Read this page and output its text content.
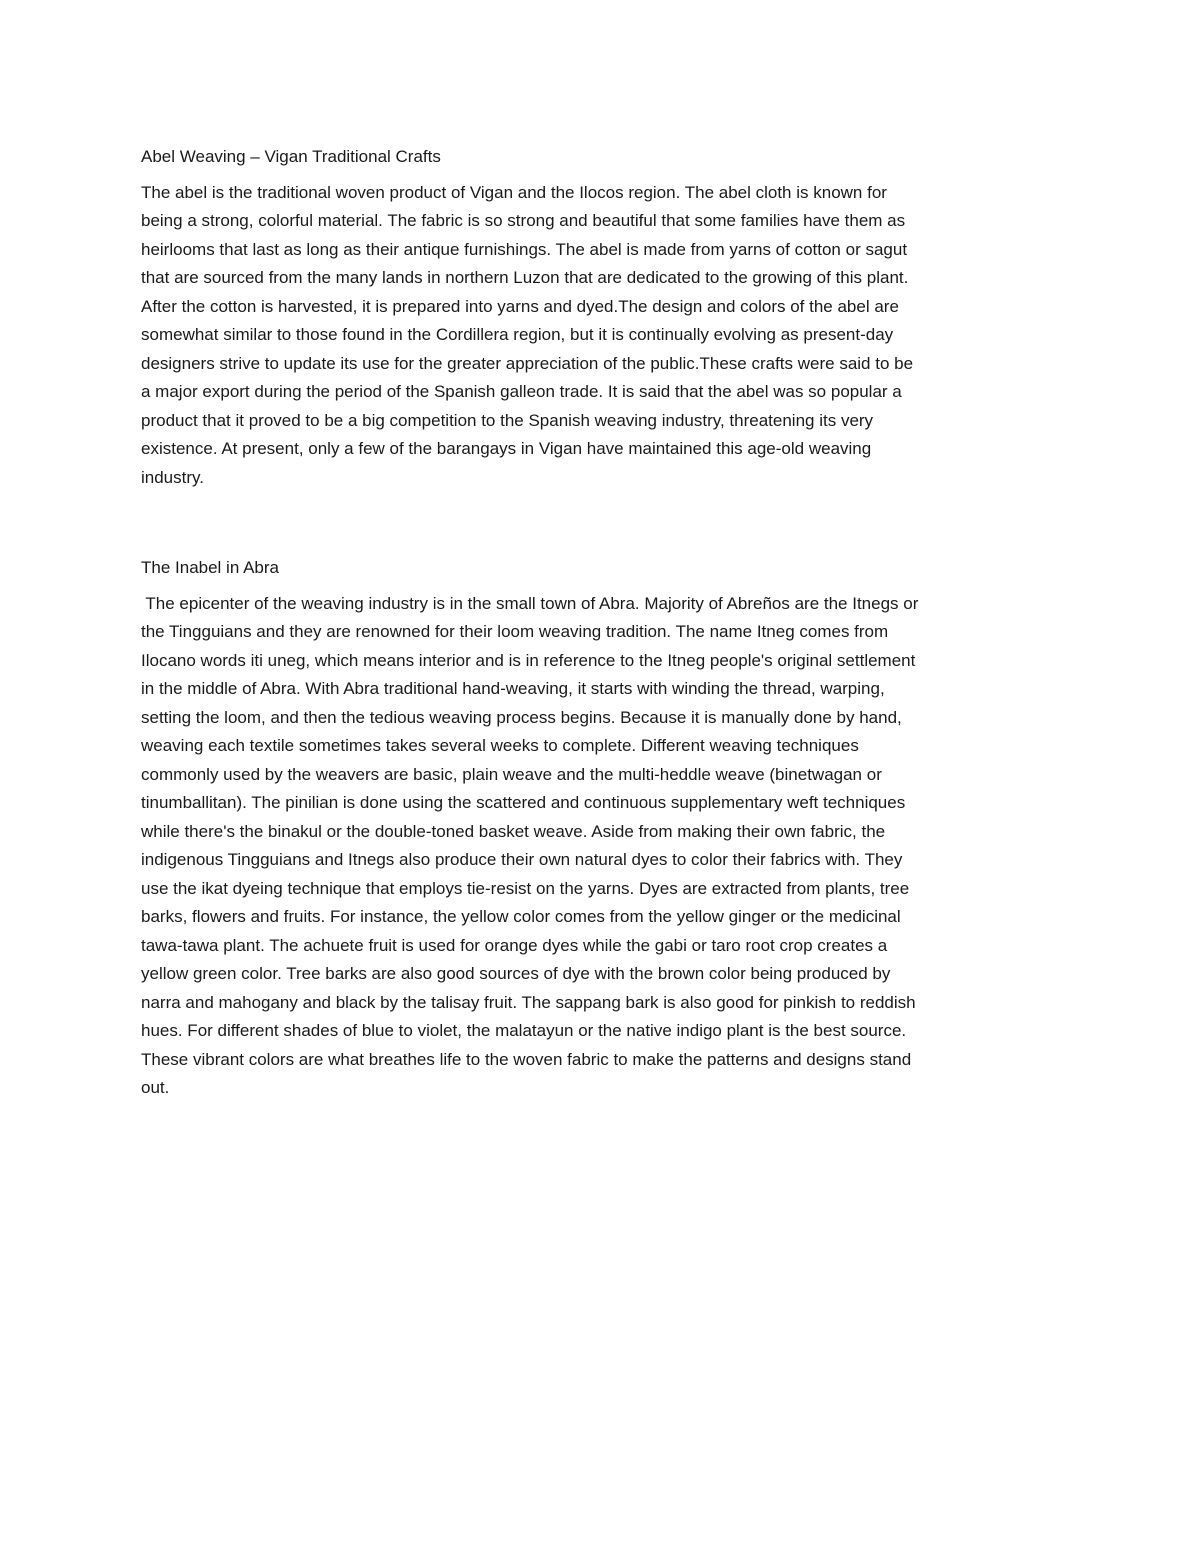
Abel Weaving – Vigan Traditional Crafts
The abel is the traditional woven product of Vigan and the Ilocos region. The abel cloth is known for
being a strong, colorful material. The fabric is so strong and beautiful that some families have them as
heirlooms that last as long as their antique furnishings. The abel is made from yarns of cotton or sagut
that are sourced from the many lands in northern Luzon that are dedicated to the growing of this plant.
After the cotton is harvested, it is prepared into yarns and dyed.The design and colors of the abel are
somewhat similar to those found in the Cordillera region, but it is continually evolving as present-day
designers strive to update its use for the greater appreciation of the public.These crafts were said to be
a major export during the period of the Spanish galleon trade. It is said that the abel was so popular a
product that it proved to be a big competition to the Spanish weaving industry, threatening its very
existence. At present, only a few of the barangays in Vigan have maintained this age-old weaving
industry.
The Inabel in Abra
The epicenter of the weaving industry is in the small town of Abra. Majority of Abreños are the Itnegs or
the Tingguians and they are renowned for their loom weaving tradition. The name Itneg comes from
Ilocano words iti uneg, which means interior and is in reference to the Itneg people's original settlement
in the middle of Abra. With Abra traditional hand-weaving, it starts with winding the thread, warping,
setting the loom, and then the tedious weaving process begins. Because it is manually done by hand,
weaving each textile sometimes takes several weeks to complete. Different weaving techniques
commonly used by the weavers are basic, plain weave and the multi-heddle weave (binetwagan or
tinumballitan). The pinilian is done using the scattered and continuous supplementary weft techniques
while there's the binakul or the double-toned basket weave. Aside from making their own fabric, the
indigenous Tingguians and Itnegs also produce their own natural dyes to color their fabrics with. They
use the ikat dyeing technique that employs tie-resist on the yarns. Dyes are extracted from plants, tree
barks, flowers and fruits. For instance, the yellow color comes from the yellow ginger or the medicinal
tawa-tawa plant. The achuete fruit is used for orange dyes while the gabi or taro root crop creates a
yellow green color. Tree barks are also good sources of dye with the brown color being produced by
narra and mahogany and black by the talisay fruit. The sappang bark is also good for pinkish to reddish
hues. For different shades of blue to violet, the malatayun or the native indigo plant is the best source.
These vibrant colors are what breathes life to the woven fabric to make the patterns and designs stand
out.
